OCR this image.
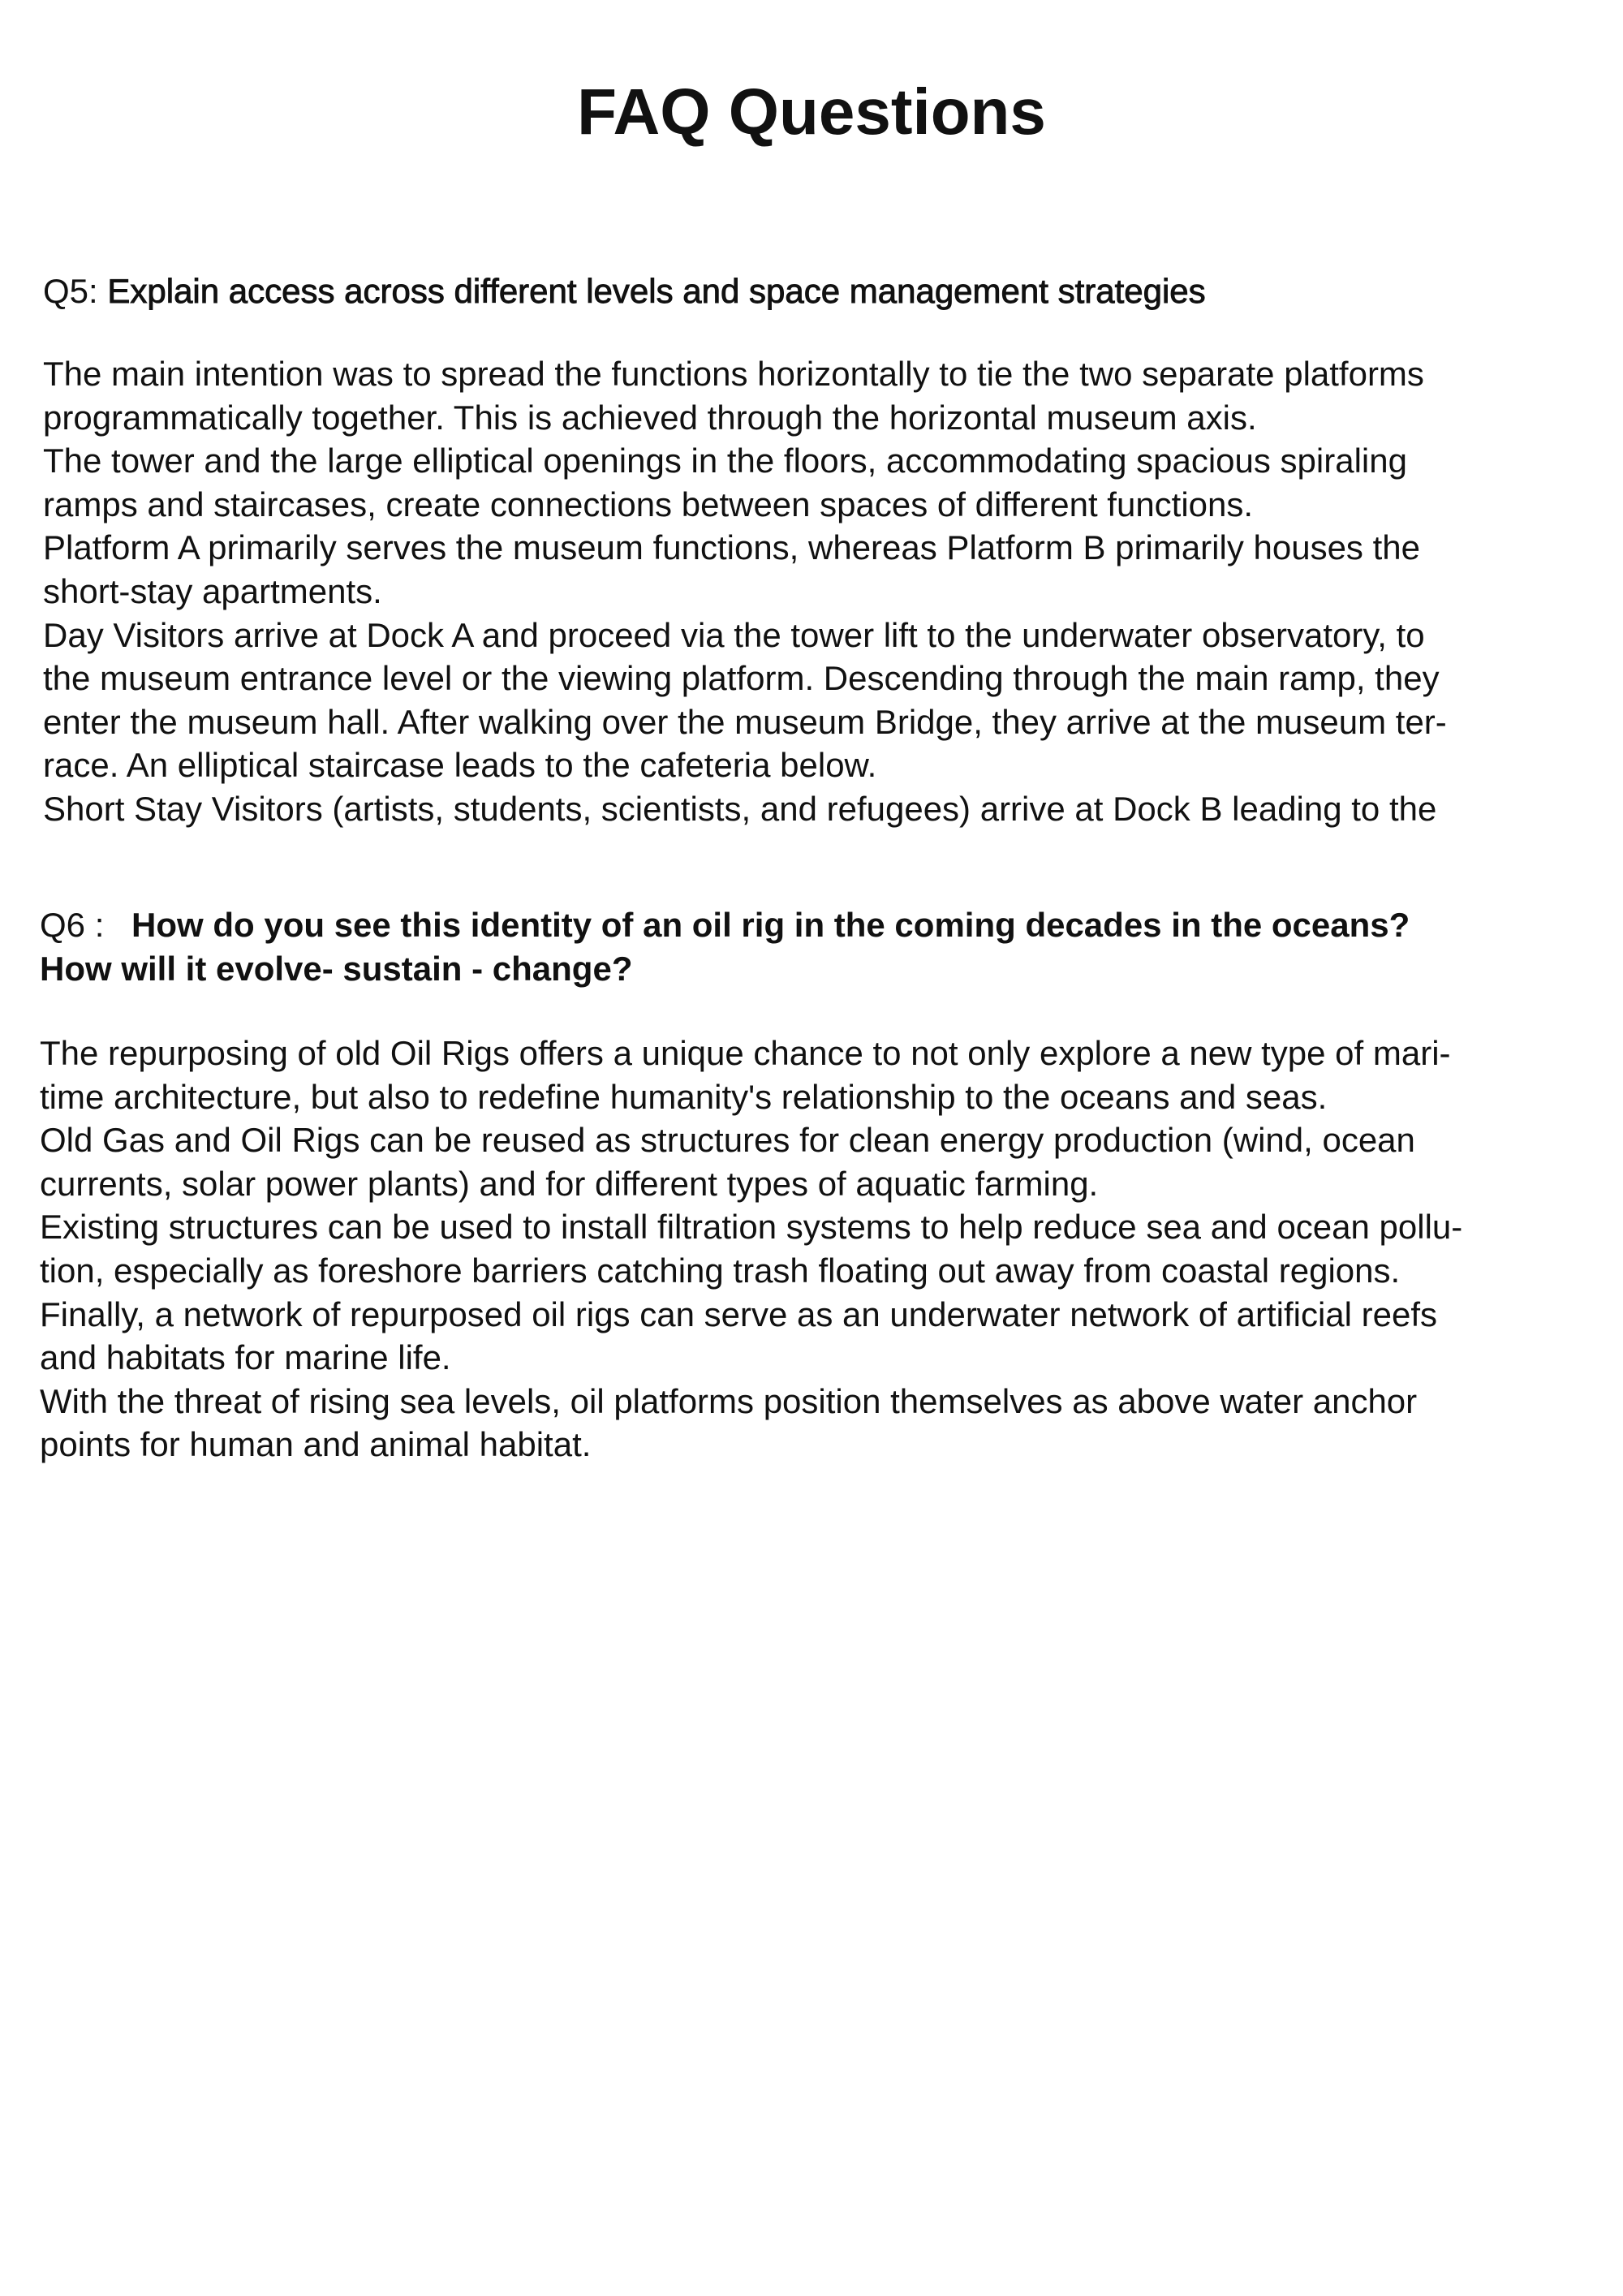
FAQ Questions

Q5: Explain access across different levels and space management strategies

The main intention was to spread the functions horizontally to tie the two separate platforms
programmatically together. This is achieved through the horizontal museum axis.
The tower and the large elliptical openings in the floors, accommodating spacious spiraling
ramps and staircases, create connections between spaces of different functions.
Platform A primarily serves the museum functions, whereas Platform B primarily houses the
short-stay apartments.
Day Visitors arrive at Dock A and proceed via the tower lift to the underwater observatory, to
the museum entrance level or the viewing platform. Descending through the main ramp, they
enter the museum hall. After walking over the museum Bridge, they arrive at the museum ter-
race. An elliptical staircase leads to the cafeteria below.
Short Stay Visitors (artists, students, scientists, and refugees) arrive at Dock B leading to the

Q6 : How do you see this identity of an oil rig in the coming decades in the oceans?
How will it evolve- sustain - change?

The repurposing of old Oil Rigs offers a unique chance to not only explore a new type of mari-
time architecture, but also to redefine humanity's relationship to the oceans and seas.
Old Gas and Oil Rigs can be reused as structures for clean energy production (wind, ocean
currents, solar power plants) and for different types of aquatic farming.
Existing structures can be used to install filtration systems to help reduce sea and ocean pollu-
tion, especially as foreshore barriers catching trash floating out away from coastal regions.
Finally, a network of repurposed oil rigs can serve as an underwater network of artificial reefs
and habitats for marine life.
With the threat of rising sea levels, oil platforms position themselves as above water anchor
points for human and animal habitat.
